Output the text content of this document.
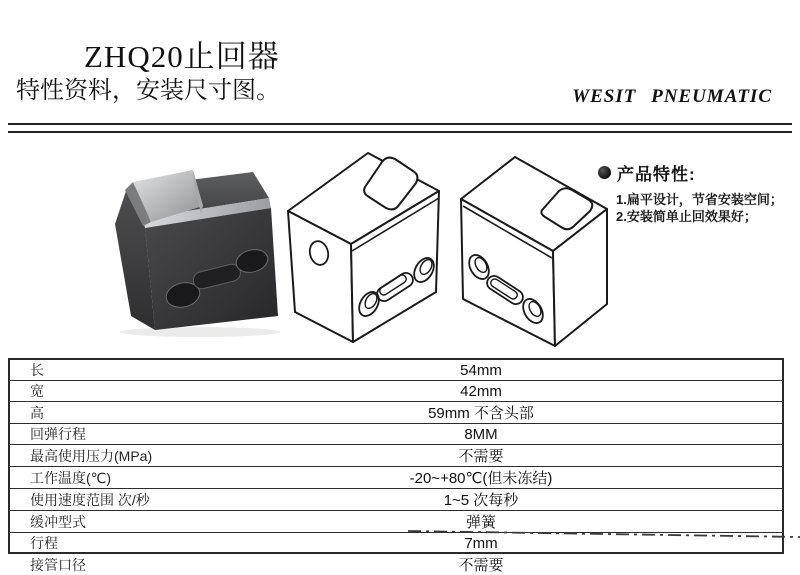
ZHQ20止回器
特性资料，安装尺寸图。	WESIT PNEUMATIC
产品特性:
1.扁平设计，节省安装空间；
2.安装简单止回效果好；
长	54mm
宽	42mm
高	59mm 不含头部
回弹行程	8MM
最高使用压力(MPa)	不需要
工作温度(℃)	-20~+80℃(但未冻结)
使用速度范围 次/秒	1~5 次每秒
缓冲型式	弹簧
行程	7mm
接管口径	不需要
